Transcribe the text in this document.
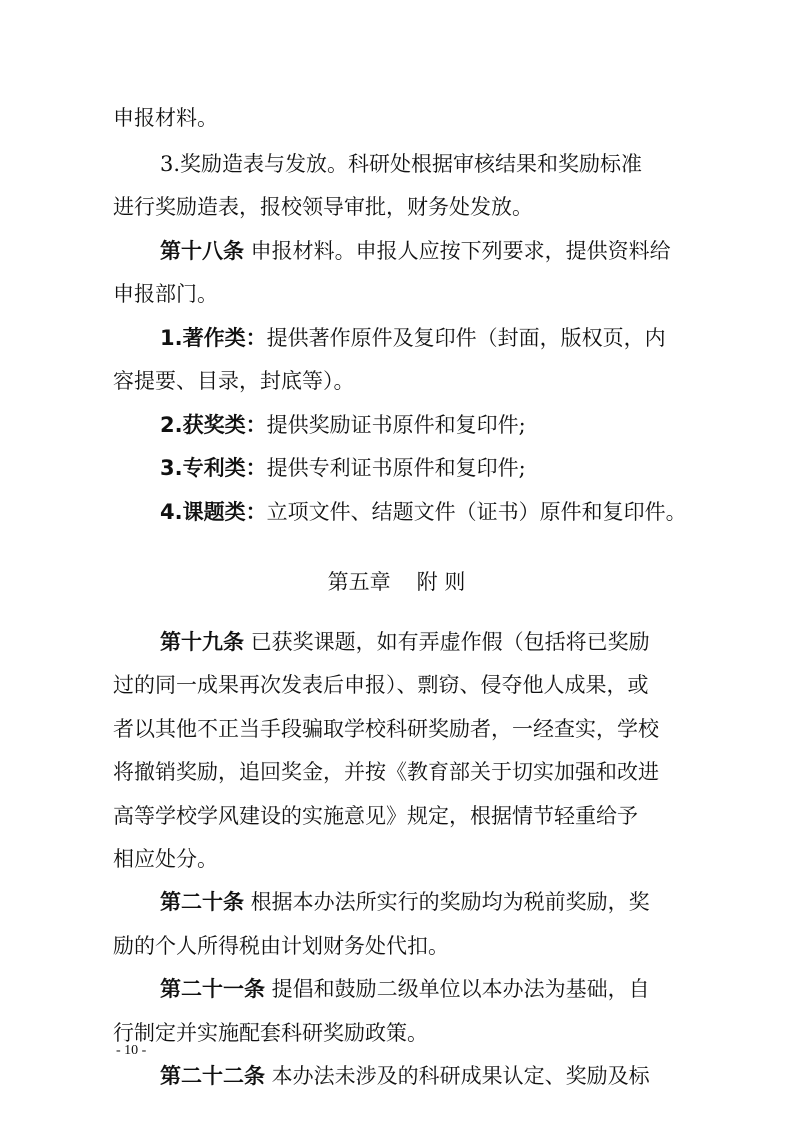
申报材料。
3.奖励造表与发放。科研处根据审核结果和奖励标准
进行奖励造表，报校领导审批，财务处发放。
第十八条 申报材料。申报人应按下列要求，提供资料给
申报部门。
1.著作类：提供著作原件及复印件（封面，版权页，内
容提要、目录，封底等）。
2.获奖类：提供奖励证书原件和复印件;
3.专利类：提供专利证书原件和复印件;
4.课题类：立项文件、结题文件（证书）原件和复印件。
第五章 附 则
第十九条 已获奖课题，如有弄虚作假（包括将已奖励
过的同一成果再次发表后申报）、剽窃、侵夺他人成果，或
者以其他不正当手段骗取学校科研奖励者，一经查实，学校
将撤销奖励，追回奖金，并按《教育部关于切实加强和改进
高等学校学风建设的实施意见》规定，根据情节轻重给予
相应处分。
第二十条 根据本办法所实行的奖励均为税前奖励，奖
励的个人所得税由计划财务处代扣。
第二十一条 提倡和鼓励二级单位以本办法为基础，自
行制定并实施配套科研奖励政策。
第二十二条 本办法未涉及的科研成果认定、奖励及标
- 10 -
